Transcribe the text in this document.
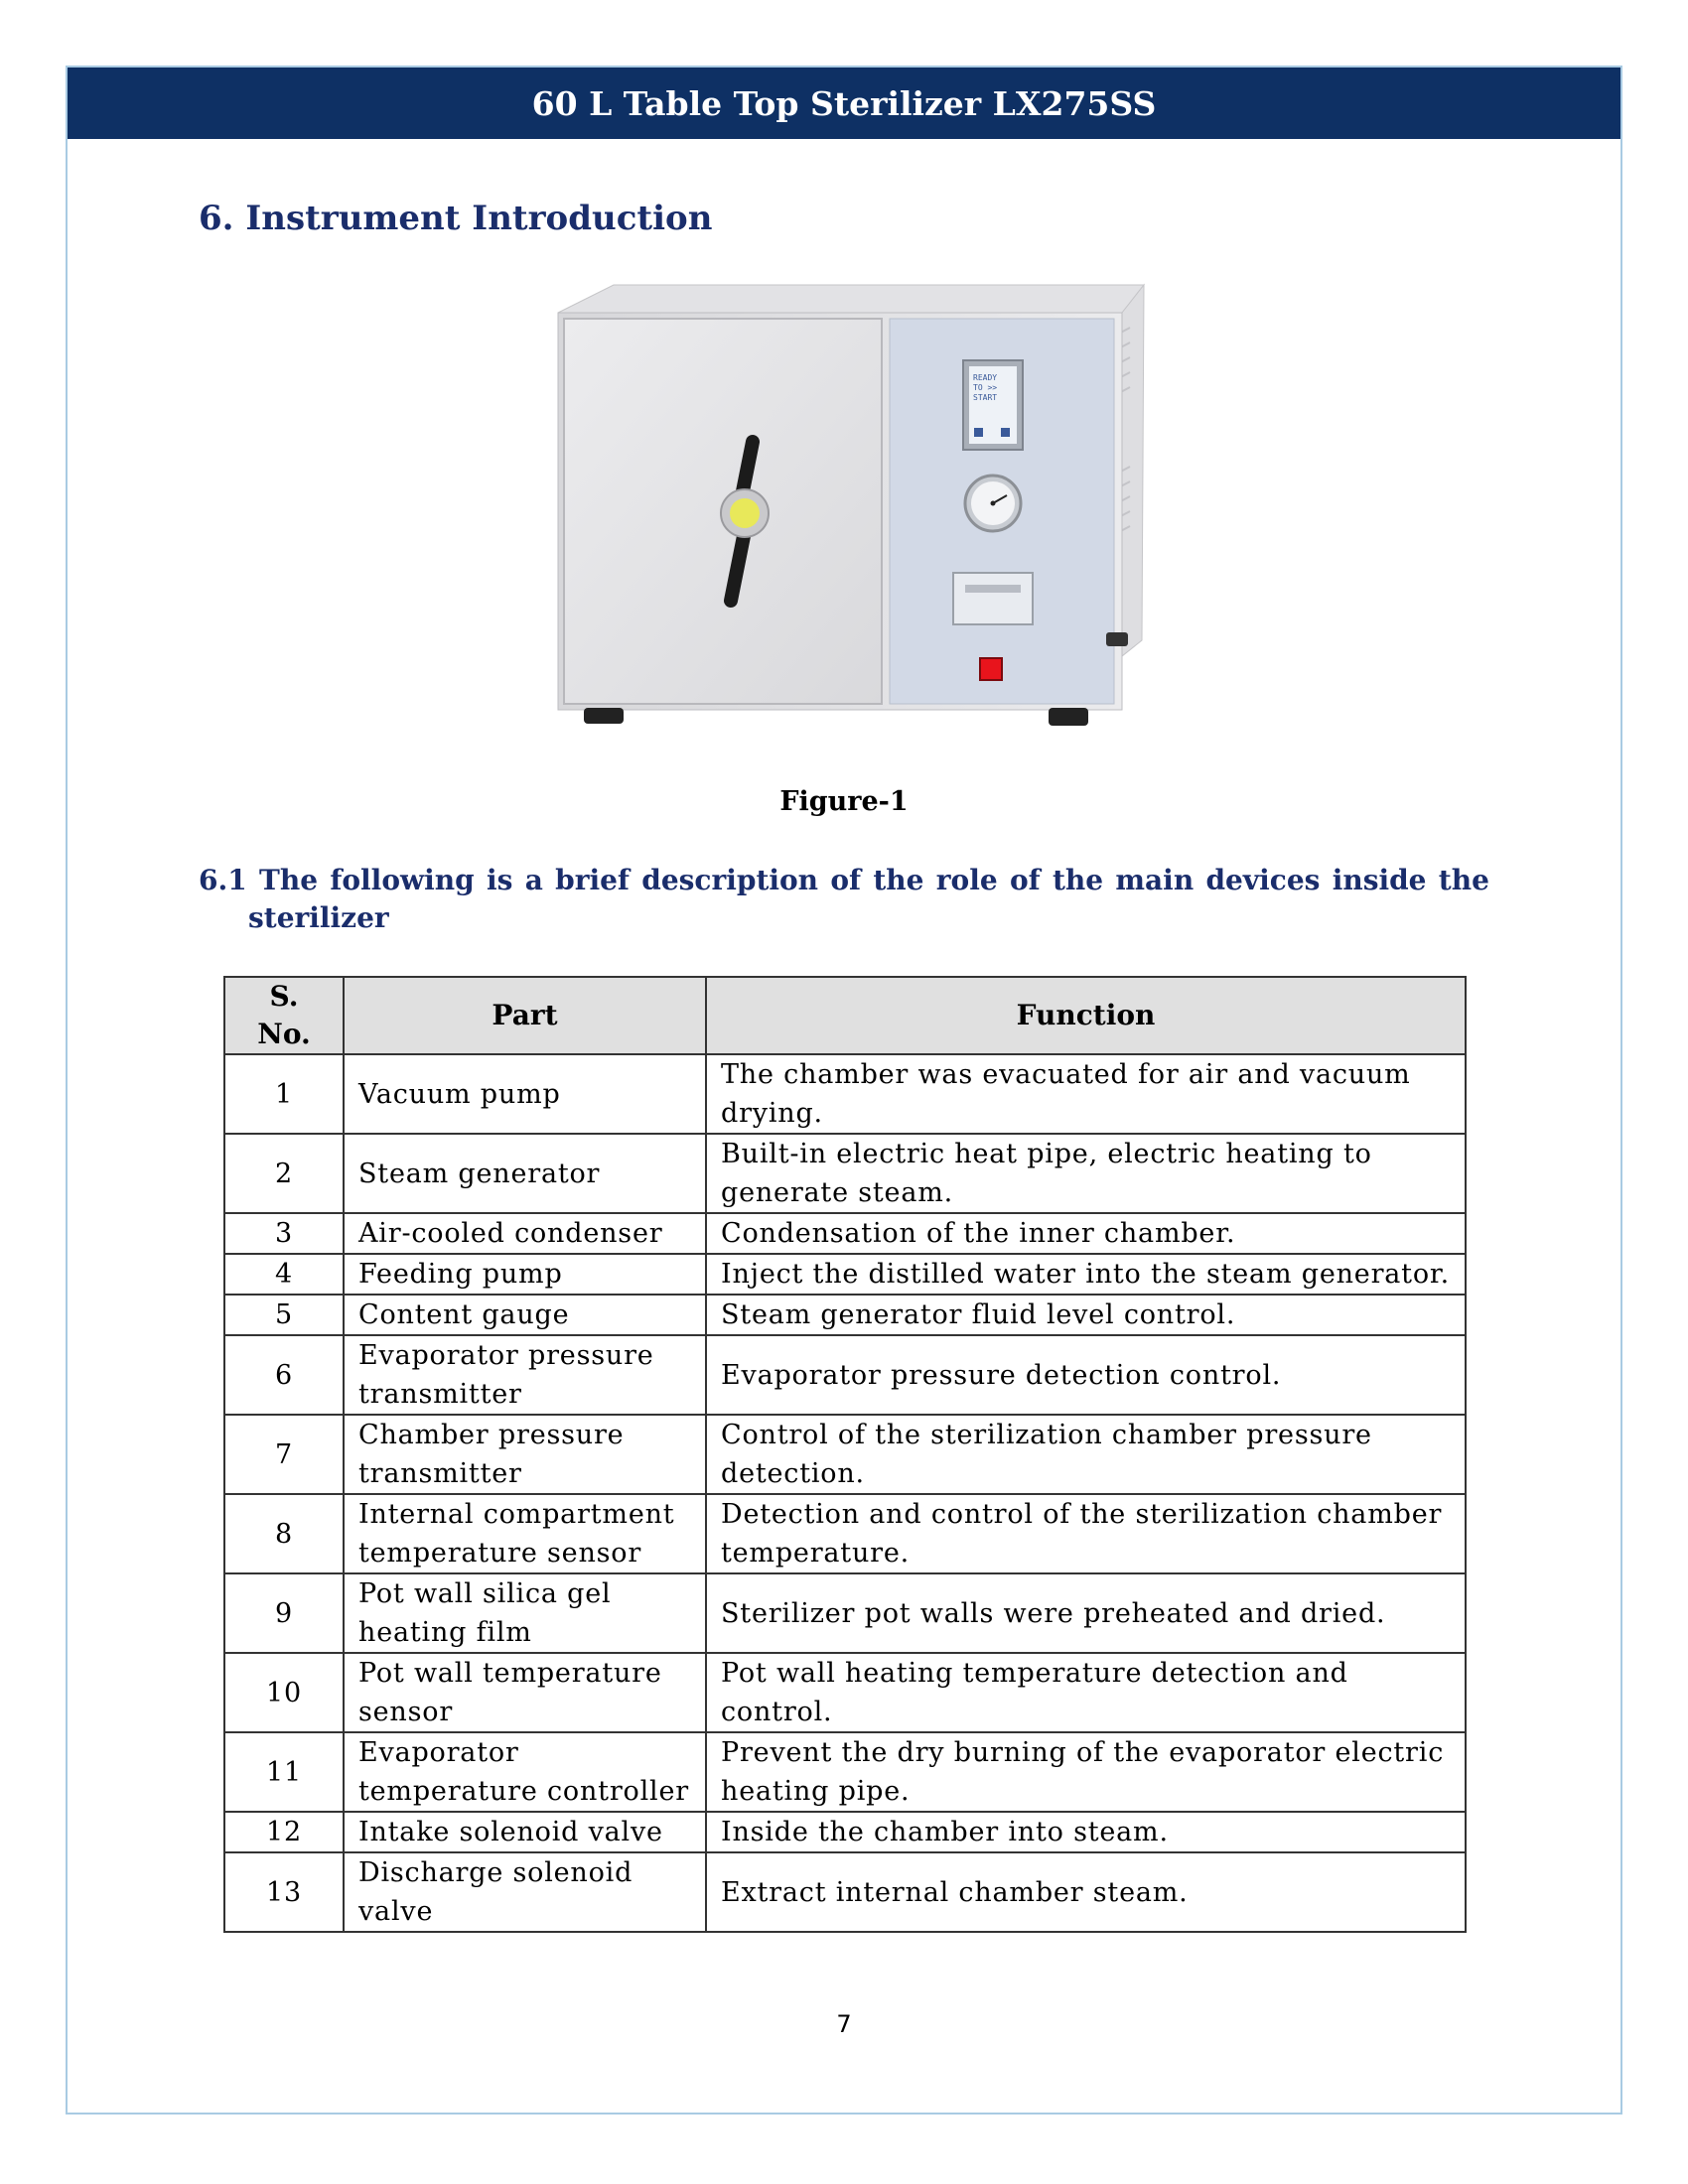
60 L Table Top Sterilizer LX275SS
6. Instrument Introduction
READY
TO >>
START
Figure-1
6.1 The following is a brief description of the role of the main devices inside the
sterilizer
S. No.	Part	Function
1	Vacuum pump	The chamber was evacuated for air and vacuum drying.
2	Steam generator	Built-in electric heat pipe, electric heating to generate steam.
3	Air-cooled condenser	Condensation of the inner chamber.
4	Feeding pump	Inject the distilled water into the steam generator.
5	Content gauge	Steam generator fluid level control.
6	Evaporator pressure transmitter	Evaporator pressure detection control.
7	Chamber pressure transmitter	Control of the sterilization chamber pressure detection.
8	Internal compartment temperature sensor	Detection and control of the sterilization chamber temperature.
9	Pot wall silica gel heating film	Sterilizer pot walls were preheated and dried.
10	Pot wall temperature sensor	Pot wall heating temperature detection and control.
11	Evaporator temperature controller	Prevent the dry burning of the evaporator electric heating pipe.
12	Intake solenoid valve	Inside the chamber into steam.
13	Discharge solenoid valve	Extract internal chamber steam.
7
